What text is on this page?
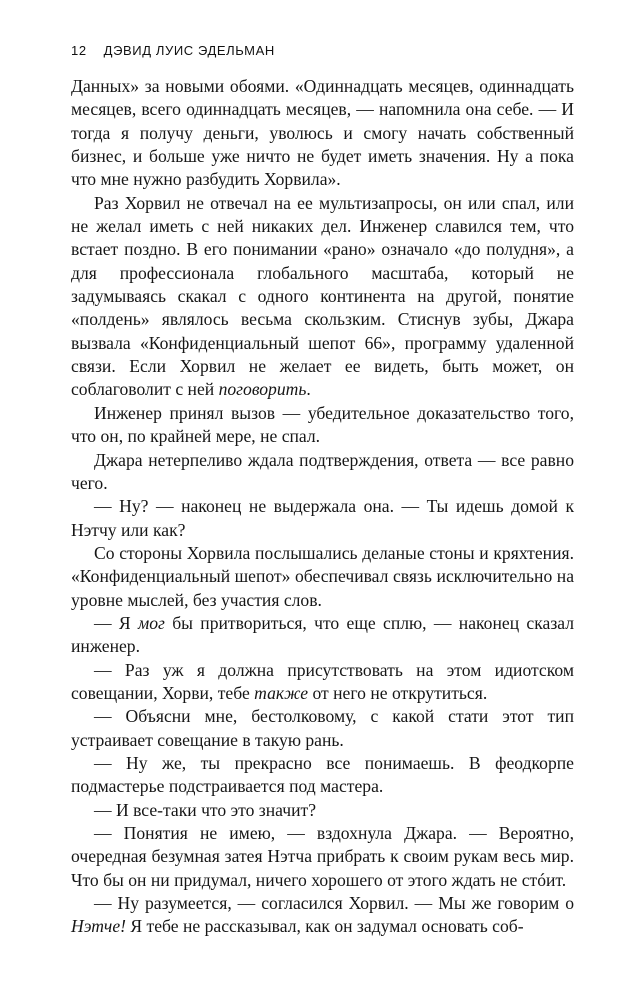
12 ДЭВИД ЛУИС ЭДЕЛЬМАН

Данных» за новыми обоями. «Одиннадцать месяцев, одиннадцать месяцев, всего одиннадцать месяцев, — напомнила она себе. — И тогда я получу деньги, уволюсь и смогу начать собственный бизнес, и больше уже ничто не будет иметь значения. Ну а пока что мне нужно разбудить Хорвила».

Раз Хорвил не отвечал на ее мультизапросы, он или спал, или не желал иметь с ней никаких дел. Инженер славился тем, что встает поздно. В его понимании «рано» означало «до полудня», а для профессионала глобального масштаба, который не задумываясь скакал с одного континента на другой, понятие «полдень» являлось весьма скользким. Стиснув зубы, Джара вызвала «Конфиденциальный шепот 66», программу удаленной связи. Если Хорвил не желает ее видеть, быть может, он соблаговолит с ней поговорить.

Инженер принял вызов — убедительное доказательство того, что он, по крайней мере, не спал.

Джара нетерпеливо ждала подтверждения, ответа — все равно чего.

— Ну? — наконец не выдержала она. — Ты идешь домой к Нэтчу или как?

Со стороны Хорвила послышались деланые стоны и кряхтения. «Конфиденциальный шепот» обеспечивал связь исключительно на уровне мыслей, без участия слов.

— Я мог бы притвориться, что еще сплю, — наконец сказал инженер.

— Раз уж я должна присутствовать на этом идиотском совещании, Хорви, тебе также от него не открутиться.

— Объясни мне, бестолковому, с какой стати этот тип устраивает совещание в такую рань.

— Ну же, ты прекрасно все понимаешь. В феодкорпе подмастерье подстраивается под мастера.

— И все-таки что это значит?

— Понятия не имею, — вздохнула Джара. — Вероятно, очередная безумная затея Нэтча прибрать к своим рукам весь мир. Что бы он ни придумал, ничего хорошего от этого ждать не стóит.

— Ну разумеется, — согласился Хорвил. — Мы же говорим о Нэтче! Я тебе не рассказывал, как он задумал основать соб-
